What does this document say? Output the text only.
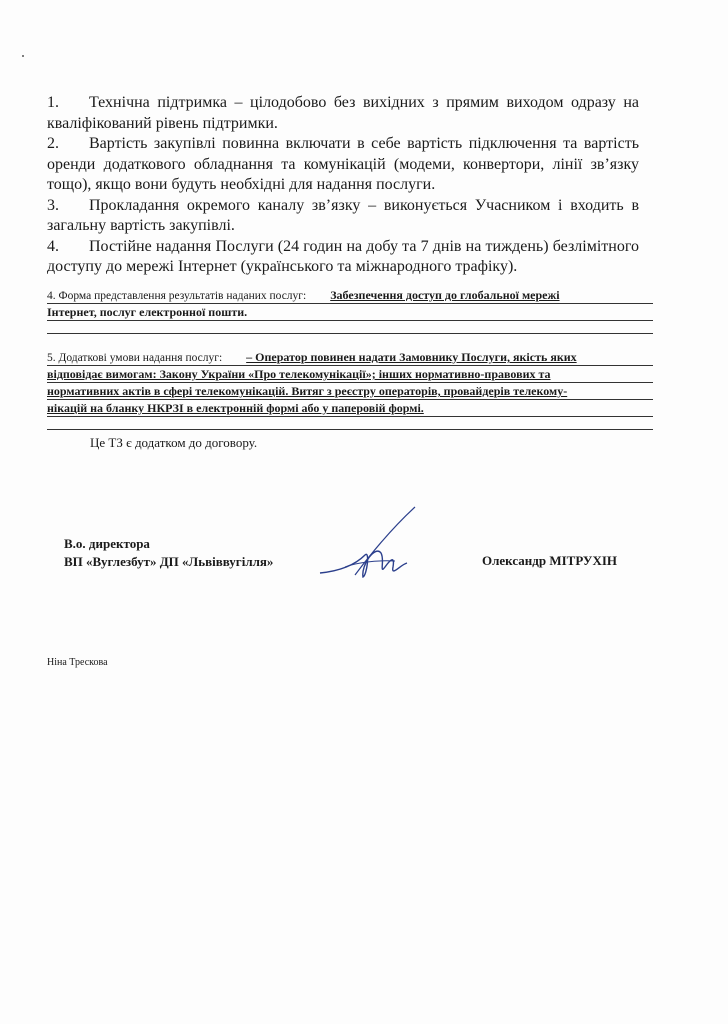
1. Технічна підтримка – цілодобово без вихідних з прямим виходом одразу на кваліфікований рівень підтримки.

2. Вартість закупівлі повинна включати в себе вартість підключення та вартість оренди додаткового обладнання та комунікацій (модеми, конвертори, лінії зв’язку тощо), якщо вони будуть необхідні для надання послуги.

3. Прокладання окремого каналу зв’язку – виконується Учасником і входить в загальну вартість закупівлі.

4. Постійне надання Послуги (24 годин на добу та 7 днів на тиждень) безлімітного доступу до мережі Інтернет (українського та міжнародного трафіку).

4. Форма представлення результатів наданих послуг: Забезпечення доступ до глобальної мережі
Інтернет, послуг електронної пошти.
5. Додаткові умови надання послуг: – Оператор повинен надати Замовнику Послуги, якість яких
відповідає вимогам: Закону України «Про телекомунікації»; інших нормативно-правових та
нормативних актів в сфері телекомунікацій. Витяг з реєстру операторів, провайдерів телекому-
нікацій на бланку НКРЗІ в електронній формі або у паперовій формі.
Це ТЗ є додатком до договору.
В.о. директора
ВП «Вуглезбут» ДП «Львіввугілля»	Олександр МІТРУХІН
Ніна Трескова
